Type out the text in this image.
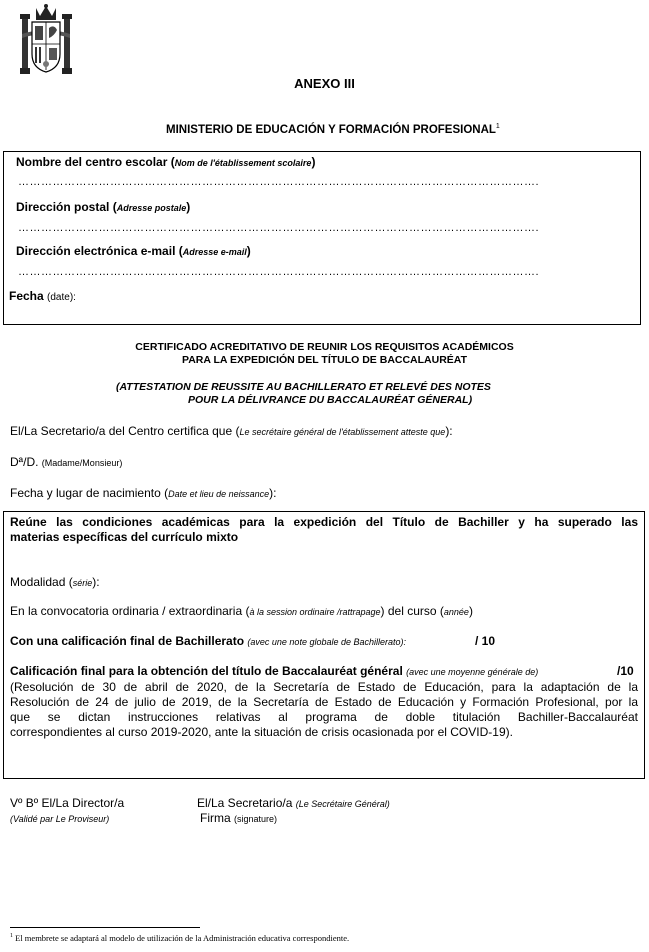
ANEXO III
MINISTERIO DE EDUCACIÓN Y FORMACIÓN PROFESIONAL$^1$
Nombre del centro escolar (Nom de l'établissement scolaire)
……………………………………………………………………………………………………………………….
Dirección postal (Adresse postale)
……………………………………………………………………………………………………………………….
Dirección electrónica e-mail (Adresse e-mail)
……………………………………………………………………………………………………………………….
Fecha (date):
CERTIFICADO ACREDITATIVO DE REUNIR LOS REQUISITOS ACADÉMICOS
PARA LA EXPEDICIÓN DEL TÍTULO DE BACCALAURÉAT
(ATTESTATION DE REUSSITE AU BACHILLERATO ET RELEVÉ DES NOTES
POUR LA DÉLIVRANCE DU BACCALAURÉAT GÉNERAL)
El/La Secretario/a del Centro certifica que (Le secrétaire général de l'établissement atteste que):
Dª/D. (Madame/Monsieur)
Fecha y lugar de nacimiento (Date et lieu de neissance):
Reúne las condiciones académicas para la expedición del Título de Bachiller y ha superado las
materias específicas del currículo mixto
Modalidad (série):
En la convocatoria ordinaria / extraordinaria (à la session ordinaire /rattrapage) del curso (année)
Con una calificación final de Bachillerato (avec une note globale de Bachillerato):	/ 10
Calificación final para la obtención del título de Baccalauréat général (avec une moyenne générale de)	/10
(Resolución de 30 de abril de 2020, de la Secretaría de Estado de Educación, para la adaptación de la
Resolución de 24 de julio de 2019, de la Secretaría de Estado de Educación y Formación Profesional, por la
que se dictan instrucciones relativas al programa de doble titulación Bachiller-Baccalauréat
correspondientes al curso 2019-2020, ante la situación de crisis ocasionada por el COVID-19).
Vº Bº El/La Director/a
(Validé par Le Proviseur)
El/La Secretario/a (Le Secrétaire Général)
Firma (signature)
$^1$ El membrete se adaptará al modelo de utilización de la Administración educativa correspondiente.
